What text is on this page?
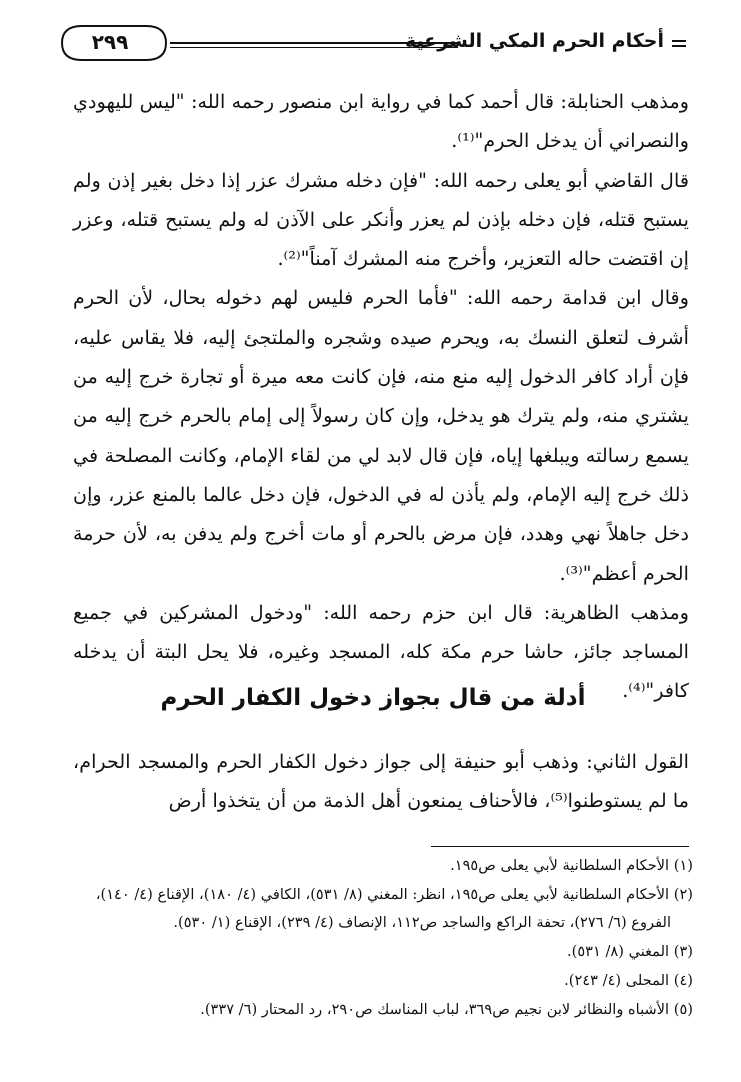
أحكام الحرم المكي الشرعية
٢٩٩

ومذهب الحنابلة: قال أحمد كما في رواية ابن منصور رحمه الله: "ليس لليهودي والنصراني أن يدخل الحرم"⁽¹⁾.

قال القاضي أبو يعلى رحمه الله: "فإن دخله مشرك عزر إذا دخل بغير إذن ولم يستبح قتله، فإن دخله بإذن لم يعزر وأنكر على الآذن له ولم يستبح قتله، وعزر إن اقتضت حاله التعزير، وأخرج منه المشرك آمناً"⁽²⁾.

وقال ابن قدامة رحمه الله: "فأما الحرم فليس لهم دخوله بحال، لأن الحرم أشرف لتعلق النسك به، ويحرم صيده وشجره والملتجئ إليه، فلا يقاس عليه، فإن أراد كافر الدخول إليه منع منه، فإن كانت معه ميرة أو تجارة خرج إليه من يشتري منه، ولم يترك هو يدخل، وإن كان رسولاً إلى إمام بالحرم خرج إليه من يسمع رسالته ويبلغها إياه، فإن قال لابد لي من لقاء الإمام، وكانت المصلحة في ذلك خرج إليه الإمام، ولم يأذن له في الدخول، فإن دخل عالما بالمنع عزر، وإن دخل جاهلاً نهي وهدد، فإن مرض بالحرم أو مات أخرج ولم يدفن به، لأن حرمة الحرم أعظم"⁽³⁾.

ومذهب الظاهرية: قال ابن حزم رحمه الله: "ودخول المشركين في جميع المساجد جائز، حاشا حرم مكة كله، المسجد وغيره، فلا يحل البتة أن يدخله كافر"⁽⁴⁾.

أدلة من قال بجواز دخول الكفار الحرم

القول الثاني: وذهب أبو حنيفة إلى جواز دخول الكفار الحرم والمسجد الحرام، ما لم يستوطنوا⁽⁵⁾، فالأحناف يمنعون أهل الذمة من أن يتخذوا أرض

(١) الأحكام السلطانية لأبي يعلى ص١٩٥.

(٢) الأحكام السلطانية لأبي يعلى ص١٩٥، انظر: المغني (٨/ ٥٣١)، الكافي (٤/ ١٨٠)، الإقناع (٤/ ١٤٠)،

الفروع (٦/ ٢٧٦)، تحفة الراكع والساجد ص١١٢، الإنصاف (٤/ ٢٣٩)، الإقناع (١/ ٥٣٠).

(٣) المغني (٨/ ٥٣١).

(٤) المحلى (٤/ ٢٤٣).

(٥) الأشباه والنظائر لابن نجيم ص٣٦٩، لباب المناسك ص٢٩٠، رد المحتار (٦/ ٣٣٧).
